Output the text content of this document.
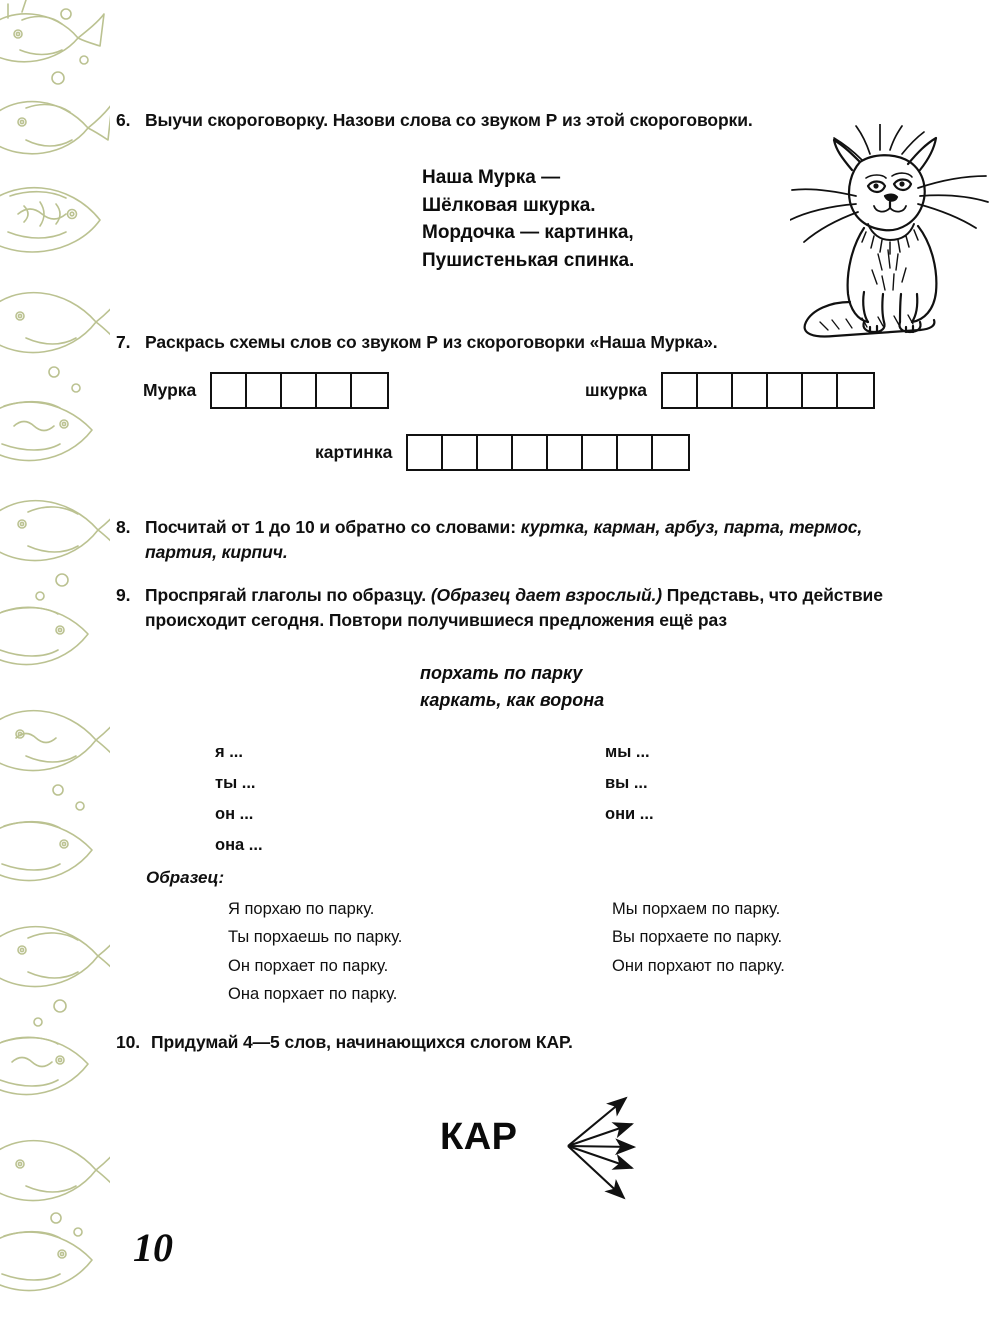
6. Выучи скороговорку. Назови слова со звуком Р из этой скороговорки.
Наша Мурка —
Шёлковая шкурка.
Мордочка — картинка,
Пушистенькая спинка.
7. Раскрась схемы слов со звуком Р из скороговорки «Наша Мурка».
Мурка	шкурка
картинка
8. Посчитай от 1 до 10 и обратно со словами: куртка, карман, арбуз, парта, термос, партия, кирпич.
9. Проспрягай глаголы по образцу. (Образец дает взрослый.) Представь, что действие происходит сегодня. Повтори получившиеся предложения ещё раз
порхать по парку
каркать, как ворона
я ...
ты ...
он ...
она ...
мы ...
вы ...
они ...
Образец:
Я порхаю по парку.
Ты порхаешь по парку.
Он порхает по парку.
Она порхает по парку.
Мы порхаем по парку.
Вы порхаете по парку.
Они порхают по парку.
10. Придумай 4—5 слов, начинающихся слогом КАР.
КАР
10
